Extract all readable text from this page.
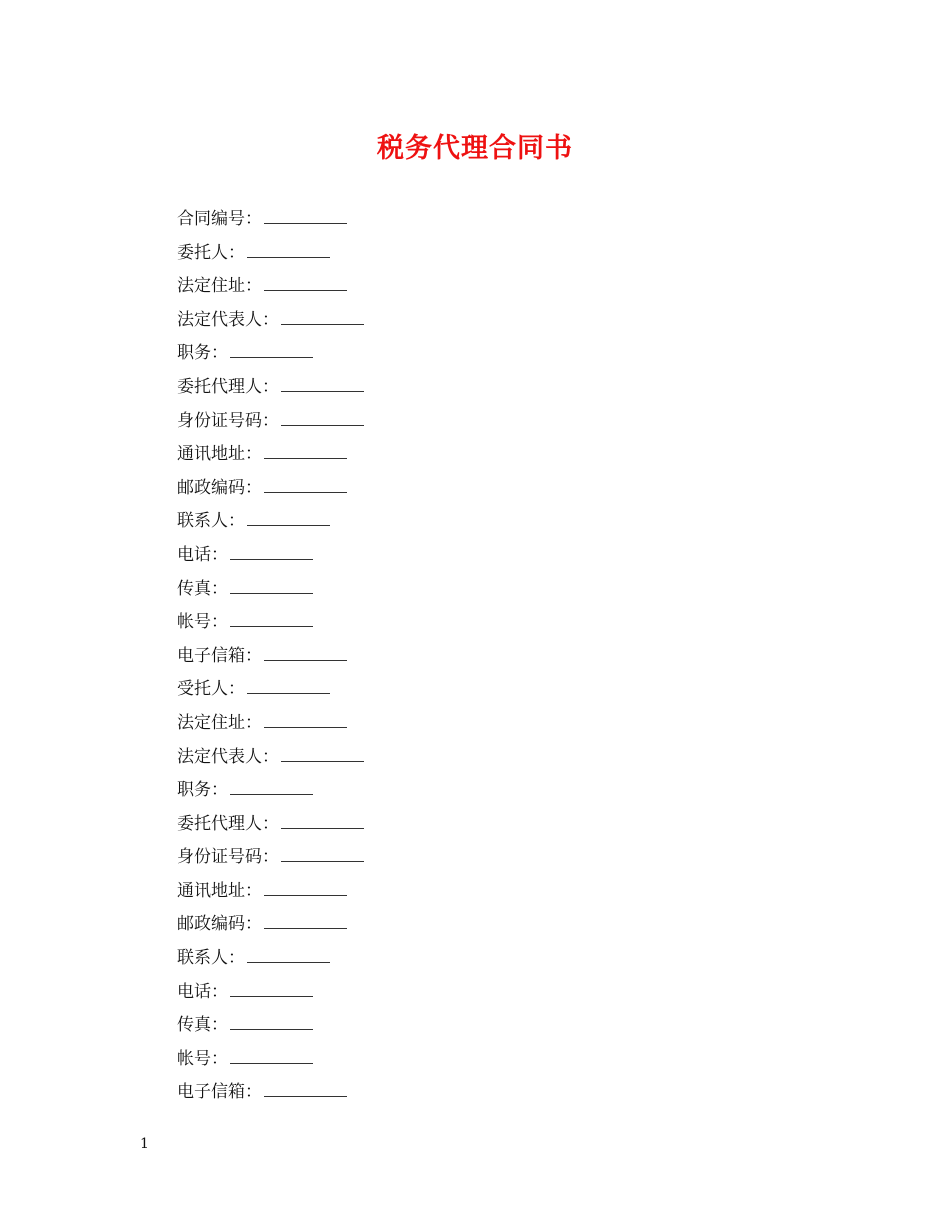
税务代理合同书
合同编号：
委托人：
法定住址：
法定代表人：
职务：
委托代理人：
身份证号码：
通讯地址：
邮政编码：
联系人：
电话：
传真：
帐号：
电子信箱：
受托人：
法定住址：
法定代表人：
职务：
委托代理人：
身份证号码：
通讯地址：
邮政编码：
联系人：
电话：
传真：
帐号：
电子信箱：
1
